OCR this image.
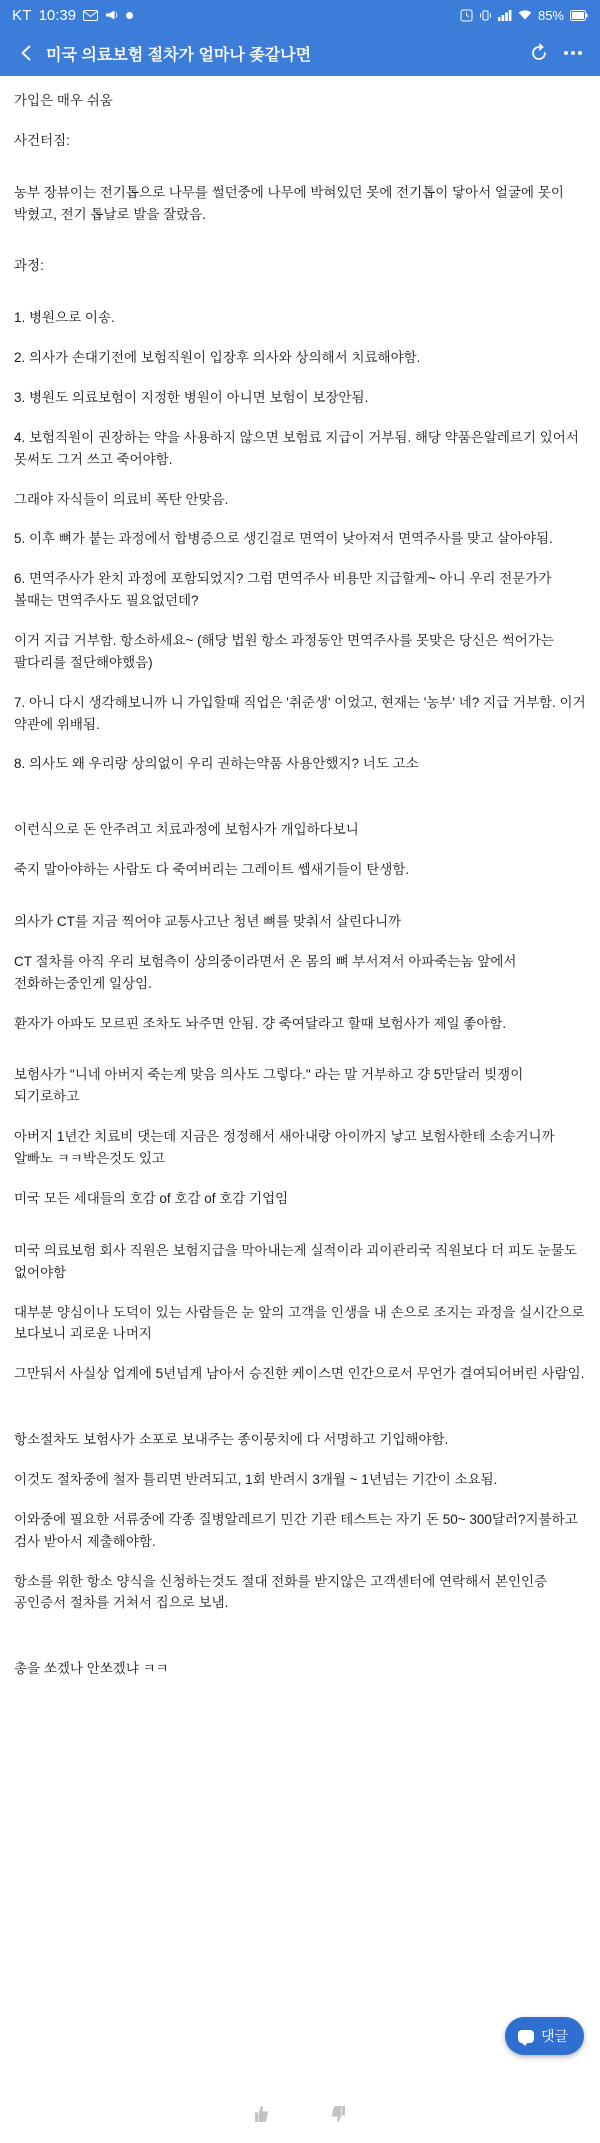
KT 10:39	85%
미국 의료보험 절차가 얼마나 좆같나면

가입은 매우 쉬움

사건터짐:

농부 장뷰이는 전기톱으로 나무를 썰던중에 나무에 박혀있던 못에 전기톱이 닿아서 얼굴에 못이 박혔고, 전기 톱날로 발을 잘랐음.

과정:

1. 병원으로 이송.

2. 의사가 손대기전에 보험직원이 입장후 의사와 상의해서 치료해야함.

3. 병원도 의료보험이 지정한 병원이 아니면 보험이 보장안됨.

4. 보험직원이 권장하는 약을 사용하지 않으면 보험료 지급이 거부됨. 해당 약품은알레르기 있어서 못써도 그거 쓰고 죽어야함.

그래야 자식들이 의료비 폭탄 안맞음.

5. 이후 뼈가 붙는 과정에서 합병증으로 생긴걸로 면역이 낮아져서 면역주사를 맞고 살아야됨.

6. 면역주사가 완치 과정에 포함되었지? 그럼 면역주사 비용만 지급할게~ 아니 우리 전문가가 볼때는 면역주사도 필요없던데?

이거 지급 거부함. 항소하세요~ (해당 법원 항소 과정동안 면역주사를 못맞은 당신은 썩어가는 팔다리를 절단해야했음)

7. 아니 다시 생각해보니까 니 가입할때 직업은 '취준생' 이었고, 현재는 '농부' 네? 지급 거부함. 이거 약관에 위배됨.

8. 의사도 왜 우리랑 상의없이 우리 권하는약품 사용안했지? 너도 고소

이런식으로 돈 안주려고 치료과정에 보험사가 개입하다보니

죽지 말아야하는 사람도 다 죽여버리는 그레이트 쎕새기들이 탄생함.

의사가 CT를 지금 찍어야 교통사고난 청년 뼈를 맞춰서 살린다니까

CT 절차를 아직 우리 보험측이 상의중이라면서 온 몸의 뼈 부서져서 아파죽는놈 앞에서 전화하는중인게 일상임.

환자가 아파도 모르핀 조차도 놔주면 안됨. 걍 죽여달라고 할때 보험사가 제일 좋아함.

보험사가 "니네 아버지 죽는게 맞음 의사도 그렇다." 라는 말 거부하고 걍 5만달러 빚쟁이 되기로하고

아버지 1년간 치료비 댓는데 지금은 정정해서 새아내랑 아이까지 낳고 보험사한테 소송거니까 알빠노 ㅋㅋ박은것도 있고

미국 모든 세대들의 호감 of 호감 of 호감 기업임

미국 의료보험 회사 직원은 보험지급을 막아내는게 실적이라 괴이관리국 직원보다 더 피도 눈물도 없어야함

대부분 양심이나 도덕이 있는 사람들은 눈 앞의 고객을 인생을 내 손으로 조지는 과정을 실시간으로 보다보니 괴로운 나머지

그만둬서 사실상 업계에 5년넘게 남아서 승진한 케이스면 인간으로서 무언가 결여되어버린 사람임.

항소절차도 보험사가 소포로 보내주는 종이뭉치에 다 서명하고 기입해야함.

이것도 절차중에 철자 틀리면 반려되고, 1회 반려시 3개월 ~ 1년넘는 기간이 소요됨.

이와중에 필요한 서류중에 각종 질병알레르기 민간 기관 테스트는 자기 돈 50~ 300달러?지불하고 검사 받아서 제출해야함.

항소를 위한 항소 양식을 신청하는것도 절대 전화를 받지않은 고객센터에 연락해서 본인인증 공인증서 절차를 거쳐서 집으로 보냄.

총을 쏘겠나 안쏘겠냐 ㅋㅋ

댓글
